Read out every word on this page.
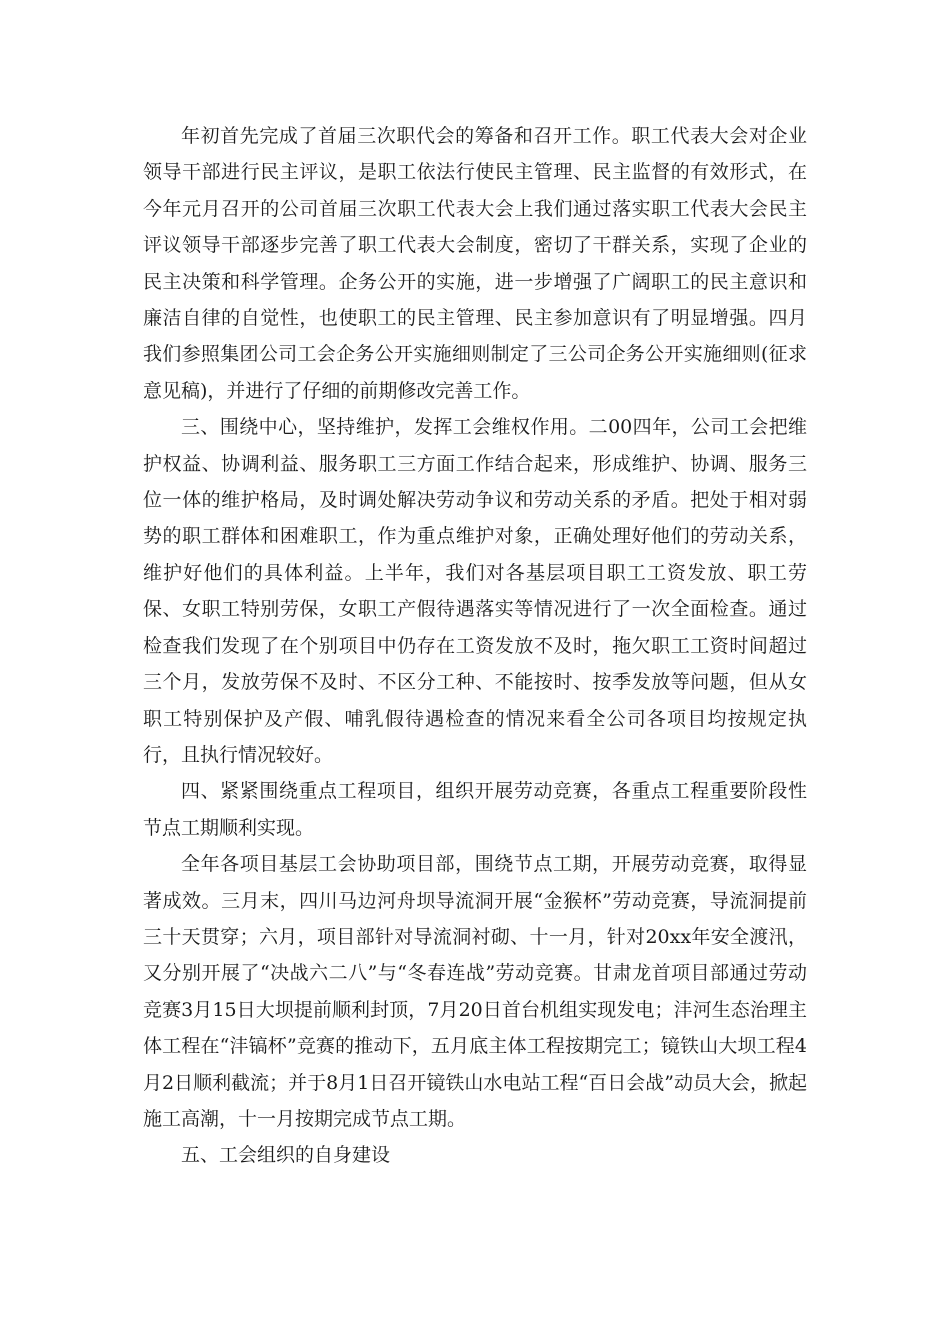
年初首先完成了首届三次职代会的筹备和召开工作。职工代表大会对企业领导干部进行民主评议，是职工依法行使民主管理、民主监督的有效形式，在今年元月召开的公司首届三次职工代表大会上我们通过落实职工代表大会民主评议领导干部逐步完善了职工代表大会制度，密切了干群关系，实现了企业的民主决策和科学管理。企务公开的实施，进一步增强了广阔职工的民主意识和廉洁自律的自觉性，也使职工的民主管理、民主参加意识有了明显增强。四月我们参照集团公司工会企务公开实施细则制定了三公司企务公开实施细则(征求意见稿)，并进行了仔细的前期修改完善工作。

三、围绕中心，坚持维护，发挥工会维权作用。二00四年，公司工会把维护权益、协调利益、服务职工三方面工作结合起来，形成维护、协调、服务三位一体的维护格局，及时调处解决劳动争议和劳动关系的矛盾。把处于相对弱势的职工群体和困难职工，作为重点维护对象，正确处理好他们的劳动关系，维护好他们的具体利益。上半年，我们对各基层项目职工工资发放、职工劳保、女职工特别劳保，女职工产假待遇落实等情况进行了一次全面检查。通过检查我们发现了在个别项目中仍存在工资发放不及时，拖欠职工工资时间超过三个月，发放劳保不及时、不区分工种、不能按时、按季发放等问题，但从女职工特别保护及产假、哺乳假待遇检查的情况来看全公司各项目均按规定执行，且执行情况较好。

四、紧紧围绕重点工程项目，组织开展劳动竞赛，各重点工程重要阶段性节点工期顺利实现。

全年各项目基层工会协助项目部，围绕节点工期，开展劳动竞赛，取得显著成效。三月末，四川马边河舟坝导流洞开展“金猴杯”劳动竞赛，导流洞提前三十天贯穿；六月，项目部针对导流洞衬砌、十一月，针对20xx年安全渡汛，又分别开展了“决战六二八”与“冬春连战”劳动竞赛。甘肃龙首项目部通过劳动竞赛3月15日大坝提前顺利封顶，7月20日首台机组实现发电；沣河生态治理主体工程在“沣镐杯”竞赛的推动下，五月底主体工程按期完工；镜铁山大坝工程4月2日顺利截流；并于8月1日召开镜铁山水电站工程“百日会战”动员大会，掀起施工高潮，十一月按期完成节点工期。

五、工会组织的自身建设
